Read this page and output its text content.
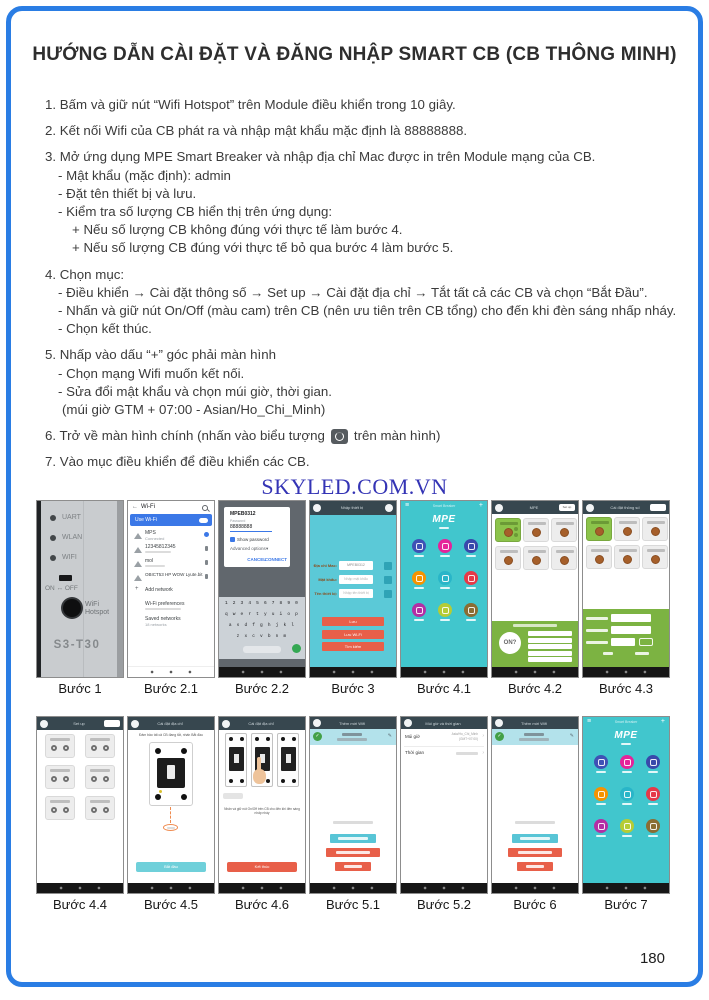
HƯỚNG DẪN CÀI ĐẶT VÀ ĐĂNG NHẬP SMART CB (CB THÔNG MINH)
1. Bấm và giữ nút “Wifi Hotspot” trên Module điều khiển trong 10 giây.
2. Kết nối Wifi của CB phát ra và nhập mật khẩu mặc định là 88888888.
3. Mở ứng dụng MPE Smart Breaker và nhập địa chỉ Mac được in trên Module mạng của CB.
- Mật khẩu (mặc định): admin
- Đặt tên thiết bị và lưu.
- Kiểm tra số lượng CB hiển thị trên ứng dụng:
+ Nếu số lượng CB không đúng với thực tế làm bước 4.
+ Nếu số lượng CB đúng với thực tế bỏ qua bước 4 làm bước 5.
4. Chọn mục:
- Điều khiển → Cài đặt thông số → Set up → Cài đặt địa chỉ → Tắt tất cả các CB và chọn “Bắt Đầu”.
- Nhấn và giữ nút On/Off (màu cam) trên CB (nên ưu tiên trên CB tổng) cho đến khi đèn sáng nhấp nháy.
- Chọn kết thúc.
5. Nhấp vào dấu “+” góc phải màn hình
- Chọn mạng Wifi muốn kết nối.
- Sửa đổi mật khẩu và chọn múi giờ, thời gian.
(múi giờ GTM + 07:00 - Asian/Ho_Chi_Minh)
6. Trở về màn hình chính (nhấn vào biểu tượng trên màn hình)
7. Vào mục điều khiển để điều khiển các CB.
SKYLED.COM.VN
UART
WLAN
WIFI
ON ↔ OFF
WiFi
Hotspot
S3-T30
Bước 1
← Wi-Fi
Use Wi-Fi
MPS
Connected
12345812345
mol
OBICT53 HP WOW Lyute.bit
+ Add network
Wi-Fi preferences
Saved networks
18 networks
Bước 2.1
MPEB0312
Password
88888888
Show password
Advanced options ▾
CANCEL
CONNECT
1 2 3 4 5 6 7 8 9 0
q w e r t y u i o p
a s d f g h j k l
z x c v b n m
Bước 2.2
Nhập thiết bị
Địa chỉ Mac:	MPEB0312
Mật khẩu:	Nhập mật khẩu
Tên thiết bị:	Nhập tên thiết bị
Lưu
Lưu Wi-Fi
Tìm kiếm
Bước 3
≡	+
Smart Breaker
MPE
Bước 4.1
MPE	Set up
ON?
Bước 4.2
Cài đặt thông số
Bước 4.3
Set up
Bước 4.4
Cài đặt địa chỉ
Đảm bảo tất cả CB đang tắt, nhấn Bắt đầu
Bắt đầu
Bước 4.5
Cài đặt địa chỉ
Nhấn và giữ nút On/Off trên CB cho đến khi đèn sáng nhấp nháy
Kết thúc
Bước 4.6
Thêm mới Wifi
✓	✎
Bước 5.1
Múi giờ và thời gian
Múi giờ	Asia/Ho_Chi_Minh
(GMT+07:00) ›
Thời gian	›
Bước 5.2
Thêm mới Wifi
✓	✎
Bước 6
≡	+
Smart Breaker
MPE
Bước 7
180
